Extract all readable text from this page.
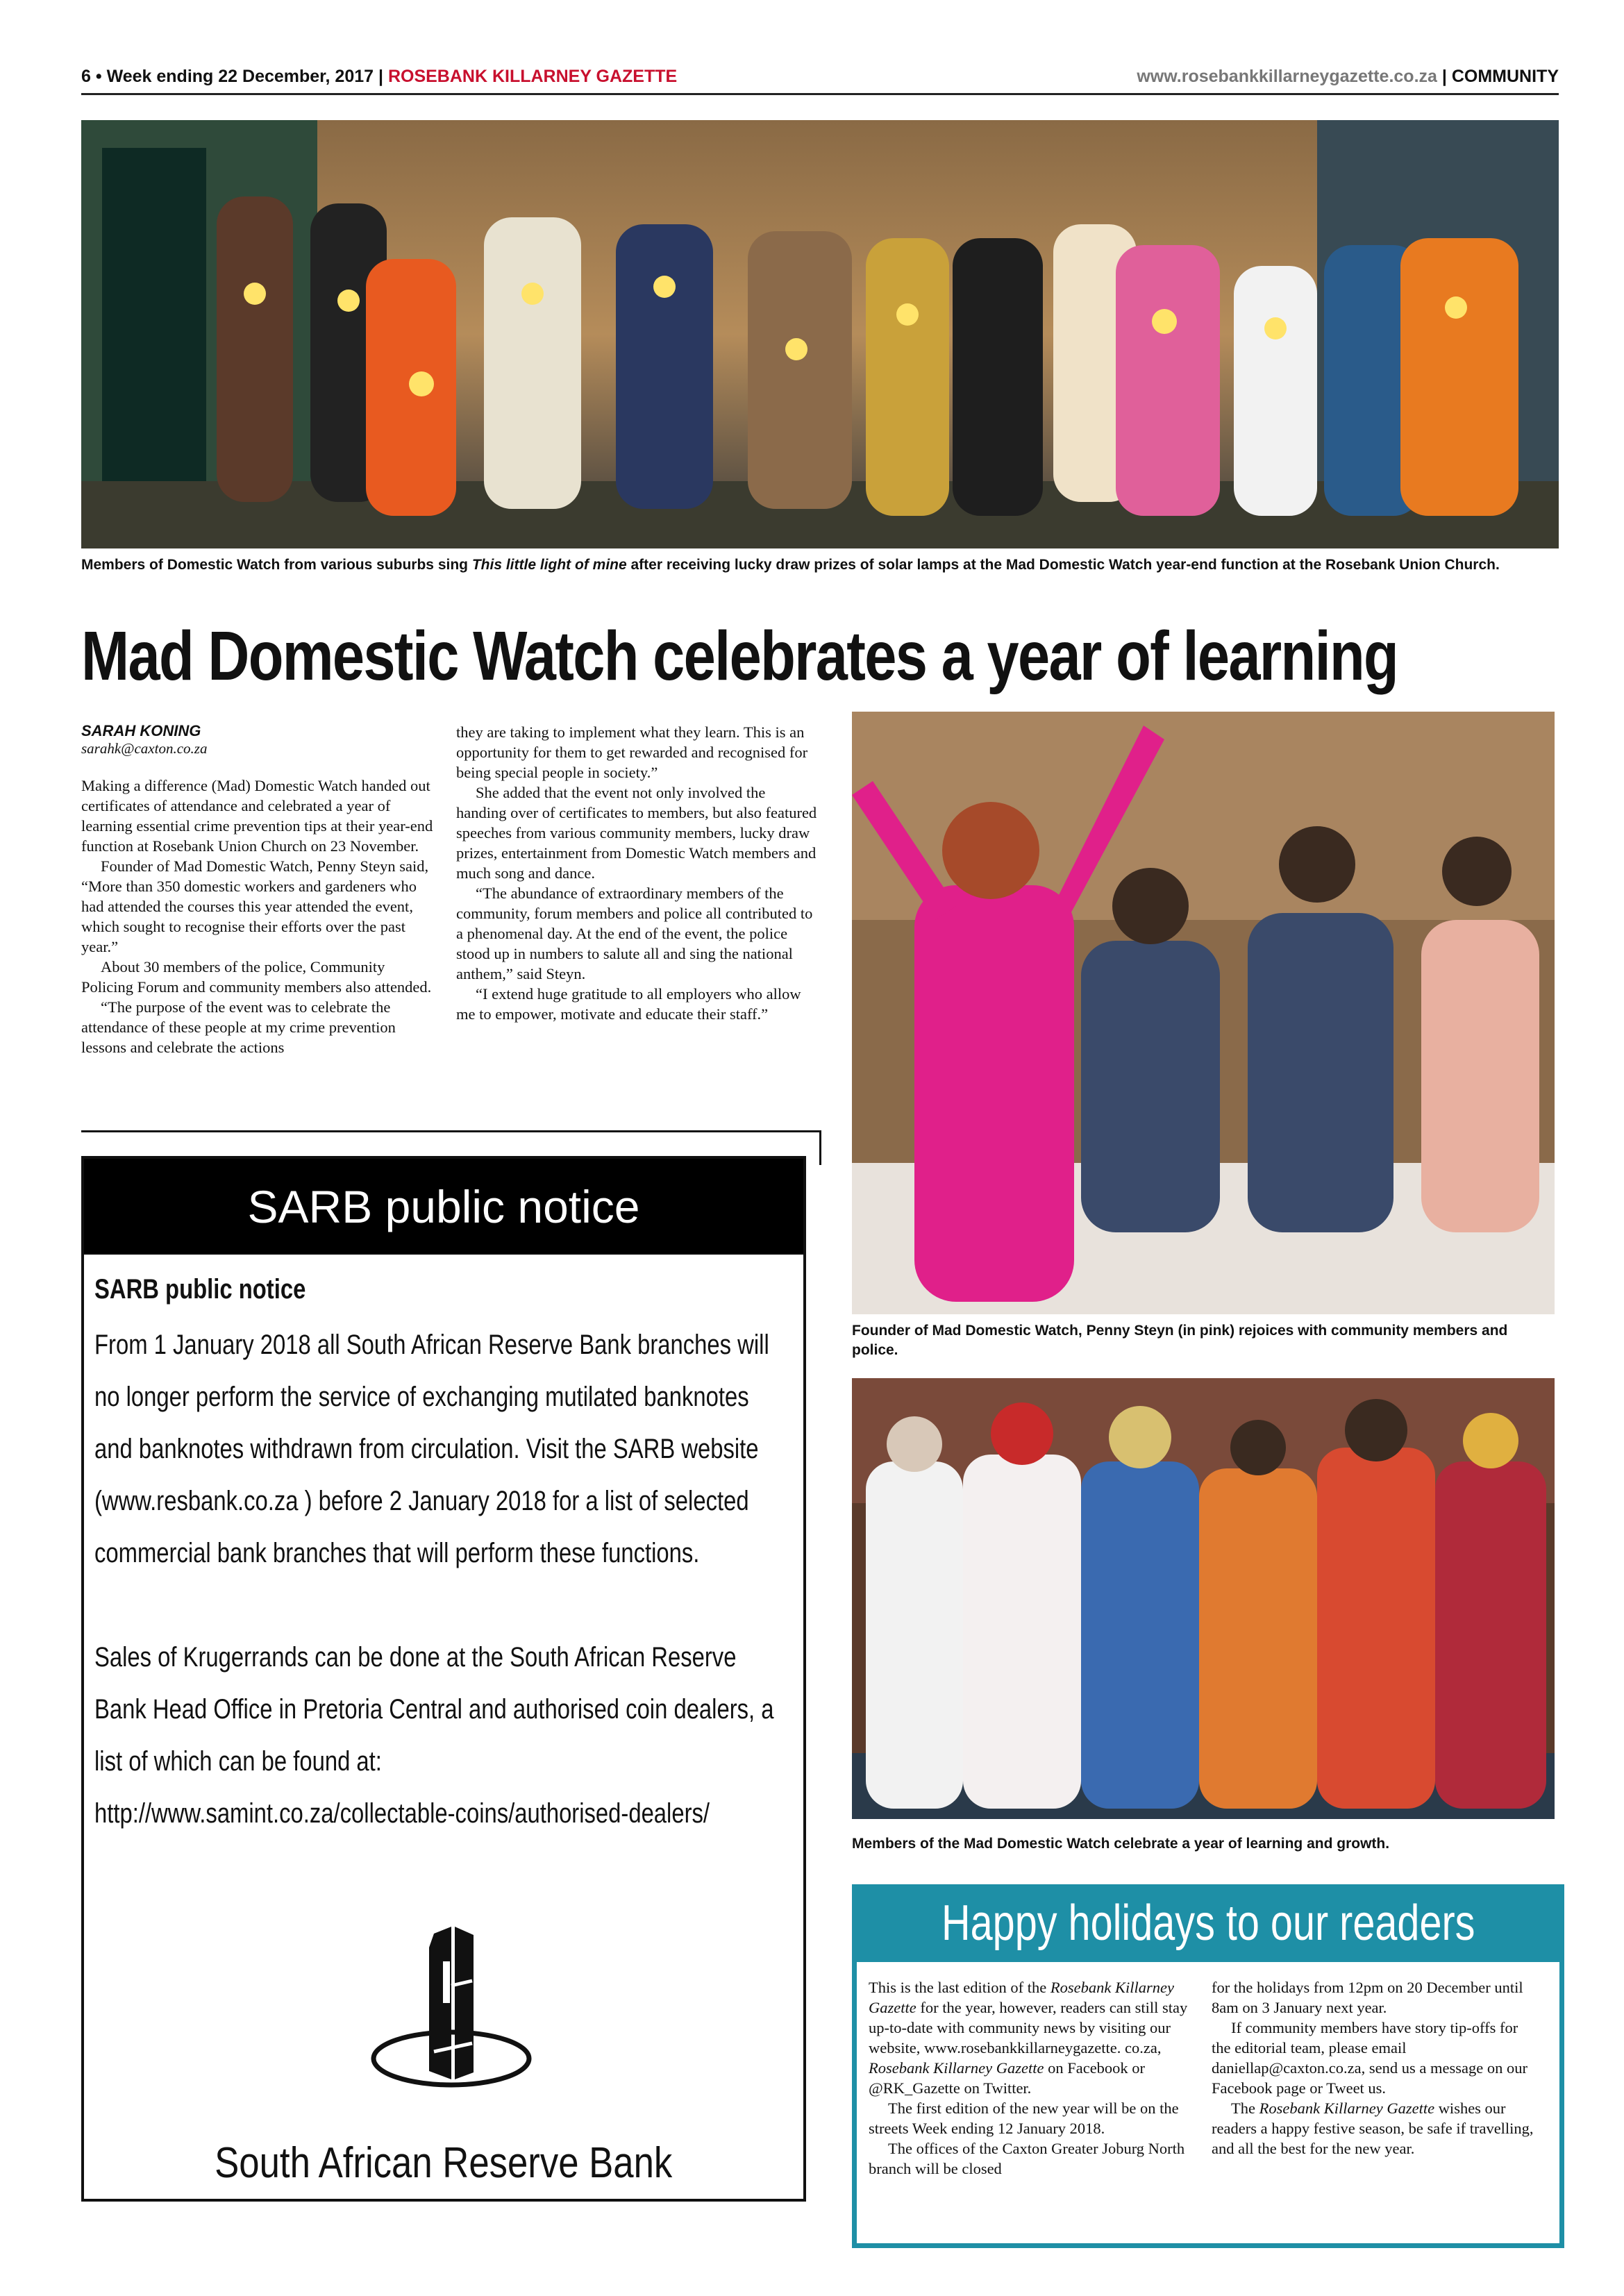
6 • Week ending 22 December, 2017 | ROSEBANK KILLARNEY GAZETTE	www.rosebankkillarneygazette.co.za | COMMUNITY
Members of Domestic Watch from various suburbs sing This little light of mine after receiving lucky draw prizes of solar lamps at the Mad Domestic Watch year-end function at the Rosebank Union Church.
Mad Domestic Watch celebrates a year of learning
SARAH KONING
sarahk@caxton.co.za

Making a difference (Mad) Domestic Watch handed out certificates of attendance and celebrated a year of learning essential crime prevention tips at their year-end function at Rosebank Union Church on 23 November.

Founder of Mad Domestic Watch, Penny Steyn said, “More than 350 domestic workers and gardeners who had attended the courses this year attended the event, which sought to recognise their efforts over the past year.”

About 30 members of the police, Community Policing Forum and community members also attended.

“The purpose of the event was to celebrate the attendance of these people at my crime prevention lessons and celebrate the actions

they are taking to implement what they learn. This is an opportunity for them to get rewarded and recognised for being special people in society.”

She added that the event not only involved the handing over of certificates to members, but also featured speeches from various community members, lucky draw prizes, entertainment from Domestic Watch members and much song and dance.

“The abundance of extraordinary members of the community, forum members and police all contributed to a phenomenal day. At the end of the event, the police stood up in numbers to salute all and sing the national anthem,” said Steyn.

“I extend huge gratitude to all employers who allow me to empower, motivate and educate their staff.”

Founder of Mad Domestic Watch, Penny Steyn (in pink) rejoices with community members and police.
Members of the Mad Domestic Watch celebrate a year of learning and growth.
SARB public notice
SARB public notice

From 1 January 2018 all South African Reserve Bank branches will no longer perform the service of exchanging mutilated banknotes and banknotes withdrawn from circulation. Visit the SARB website (www.resbank.co.za ) before 2 January 2018 for a list of selected commercial bank branches that will perform these functions.

Sales of Krugerrands can be done at the South African Reserve Bank Head Office in Pretoria Central and authorised coin dealers, a list of which can be found at:

http://www.samint.co.za/collectable-coins/authorised-dealers/

South African Reserve Bank
Happy holidays to our readers

This is the last edition of the Rosebank Killarney Gazette for the year, however, readers can still stay up-to-date with community news by visiting our website, www.rosebankkillarneygazette. co.za, Rosebank Killarney Gazette on Facebook or @RK_Gazette on Twitter.

The first edition of the new year will be on the streets Week ending 12 January 2018.

The offices of the Caxton Greater Joburg North branch will be closed

for the holidays from 12pm on 20 December until 8am on 3 January next year.

If community members have story tip-offs for the editorial team, please email daniellap@caxton.co.za, send us a message on our Facebook page or Tweet us.

The Rosebank Killarney Gazette wishes our readers a happy festive season, be safe if travelling, and all the best for the new year.
